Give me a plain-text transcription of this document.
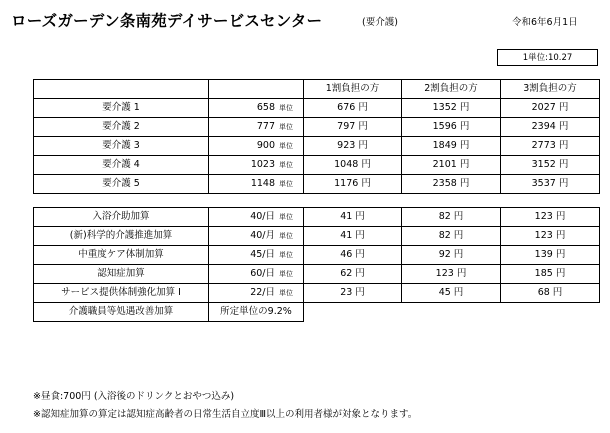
ローズガーデン条南苑デイサービスセンター	(要介護)	令和6年6月1日
1単位:10.27
		1割負担の方	2割負担の方	3割負担の方
要介護 1	658 単位	676 円	1352 円	2027 円
要介護 2	777 単位	797 円	1596 円	2394 円
要介護 3	900 単位	923 円	1849 円	2773 円
要介護 4	1023 単位	1048 円	2101 円	3152 円
要介護 5	1148 単位	1176 円	2358 円	3537 円
入浴介助加算	40/日 単位	41 円	82 円	123 円
(新)科学的介護推進加算	40/月 単位	41 円	82 円	123 円
中重度ケア体制加算	45/日 単位	46 円	92 円	139 円
認知症加算	60/日 単位	62 円	123 円	185 円
サービス提供体制強化加算 I	22/日 単位	23 円	45 円	68 円
介護職員等処遇改善加算	所定単位の9.2%			
※昼食:700円 (入浴後のドリンクとおやつ込み)
※認知症加算の算定は認知症高齢者の日常生活自立度Ⅲ以上の利用者様が対象となります。
